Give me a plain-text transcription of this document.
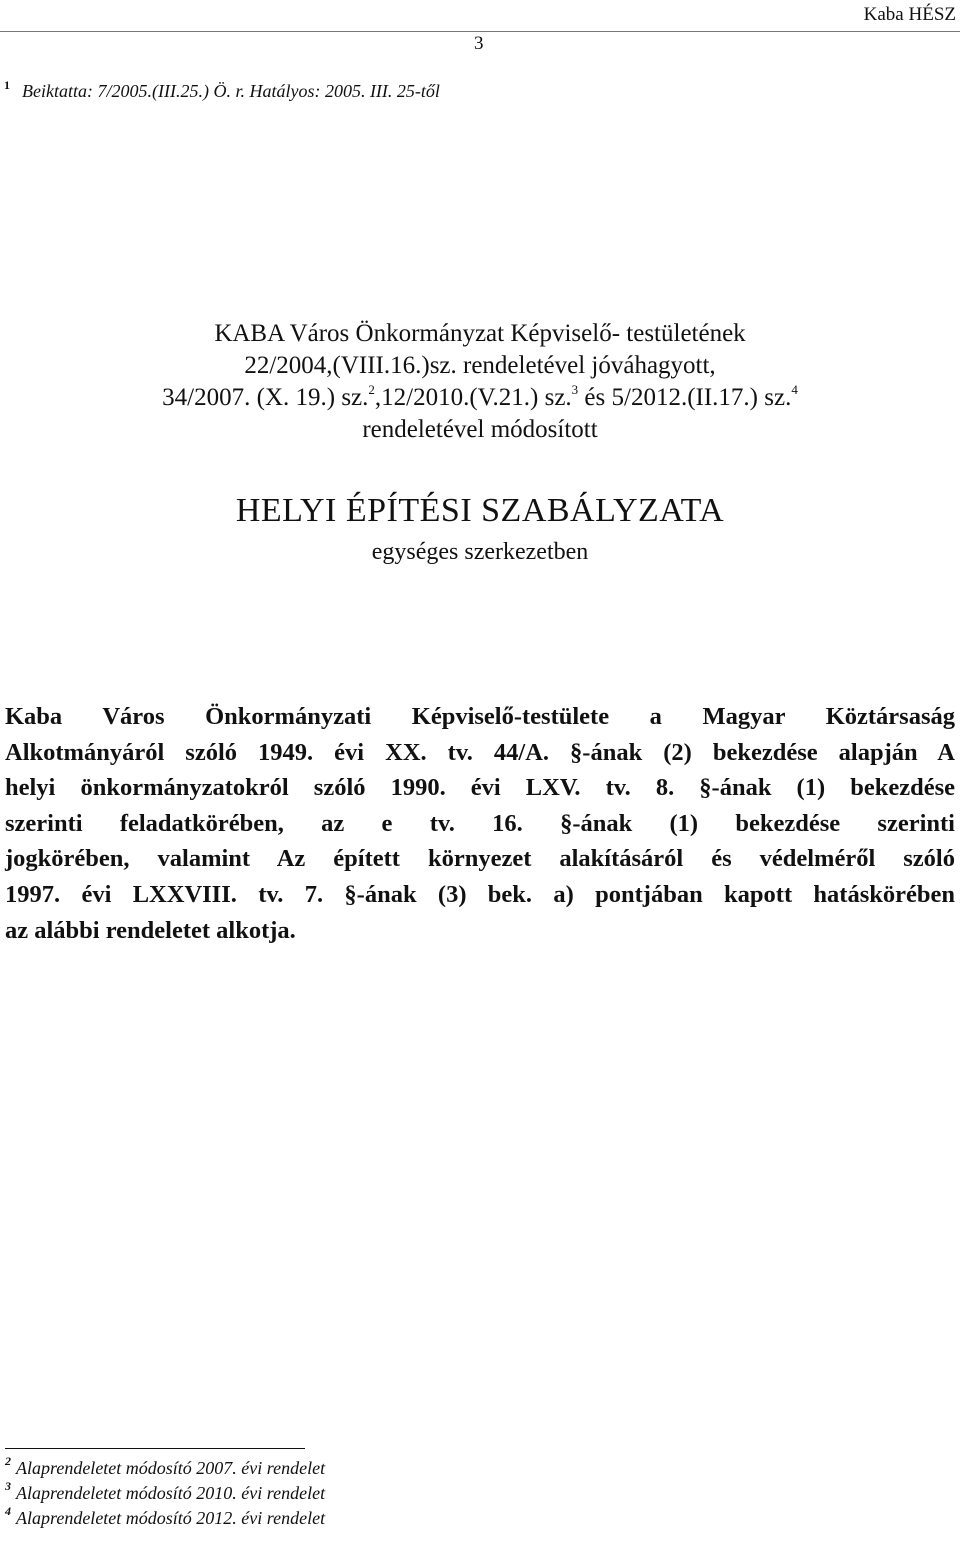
Kaba HÉSZ
3
$^1$ Beiktatta: 7/2005.(III.25.) Ö. r. Hatályos: 2005. III. 25-től
KABA Város Önkormányzat Képviselő- testületének
22/2004,(VIII.16.)sz. rendeletével jóváhagyott,
34/2007. (X. 19.) sz.$^2$,12/2010.(V.21.) sz.$^3$ és 5/2012.(II.17.) sz.$^4$
rendeletével módosított
HELYI ÉPÍTÉSI SZABÁLYZATA
egységes szerkezetben
Kaba Város Önkormányzati Képviselő-testülete a Magyar Köztársaság
Alkotmányáról szóló 1949. évi XX. tv. 44/A. §-ának (2) bekezdése alapján A
helyi önkormányzatokról szóló 1990. évi LXV. tv. 8. §-ának (1) bekezdése
szerinti feladatkörében, az e tv. 16. §-ának (1) bekezdése szerinti
jogkörében, valamint Az épített környezet alakításáról és védelméről szóló
1997. évi LXXVIII. tv. 7. §-ának (3) bek. a) pontjában kapott hatáskörében
az alábbi rendeletet alkotja.
$^2$ Alaprendeletet módosító 2007. évi rendelet
$^3$ Alaprendeletet módosító 2010. évi rendelet
$^4$ Alaprendeletet módosító 2012. évi rendelet
